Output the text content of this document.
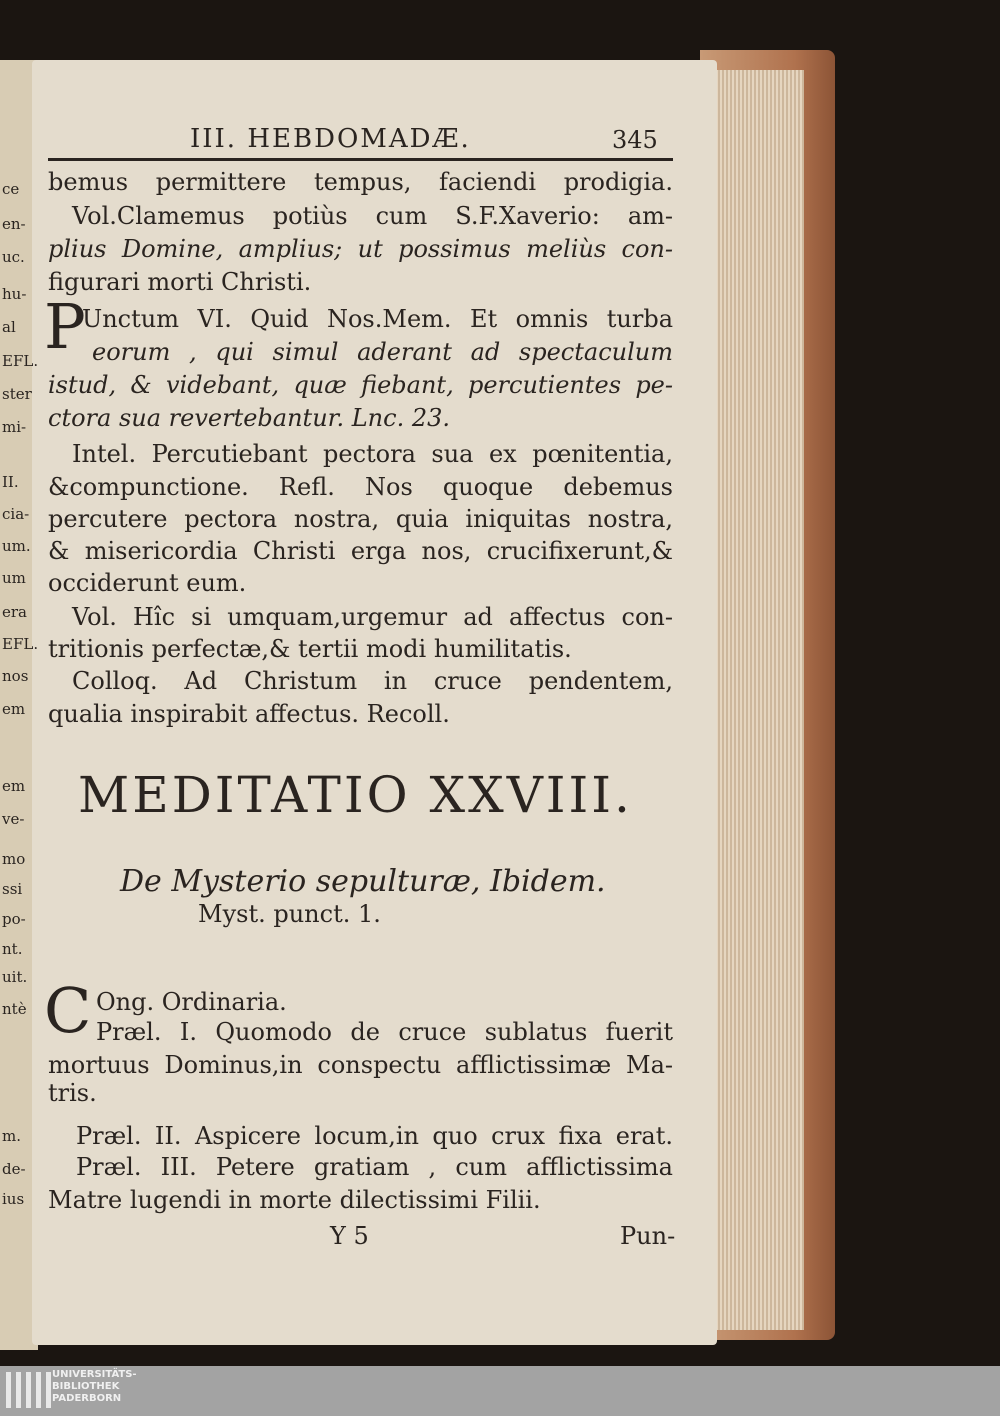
III. HEBDOMADÆ.	345
bemus permittere tempus, faciendi prodigia.
Vol.Clamemus potiùs cum S.F.Xaverio: am-
plius Domine, amplius; ut possimus meliùs con-
figurari morti Christi.
P
Unctum VI. Quid Nos.Mem. Et omnis turba
eorum , qui simul aderant ad spectaculum
istud, & videbant, quæ fiebant, percutientes pe-
ctora sua revertebantur. Lnc. 23.
Intel. Percutiebant pectora sua ex pœnitentia,
&compunctione. Refl. Nos quoque debemus
percutere pectora nostra, quia iniquitas nostra,
& misericordia Christi erga nos, crucifixerunt,&
occiderunt eum.
Vol. Hîc si umquam,urgemur ad affectus con-
tritionis perfectæ,& tertii modi humilitatis.
Colloq. Ad Christum in cruce pendentem,
qualia inspirabit affectus. Recoll.
MEDITATIO XXVIII.
De Mysterio sepulturæ, Ibidem.
Myst. punct. 1.
C Ong. Ordinaria.
Præl. I. Quomodo de cruce sublatus fuerit
mortuus Dominus,in conspectu afflictissimæ Ma-
tris.
Præl. II. Aspicere locum,in quo crux fixa erat.
Præl. III. Petere gratiam , cum afflictissima
Matre lugendi in morte dilectissimi Filii.
Y 5	Pun-
ce
en-
uc.
hu-
al
EFL.
ster
mi-
II.
cia-
um.
um
era
EFL.
nos
em
em
ve-
mo
ssi
po-
nt.
uit.
ntè
m.
de-
ius
UNIVERSITÄTS-
BIBLIOTHEK
PADERBORN
